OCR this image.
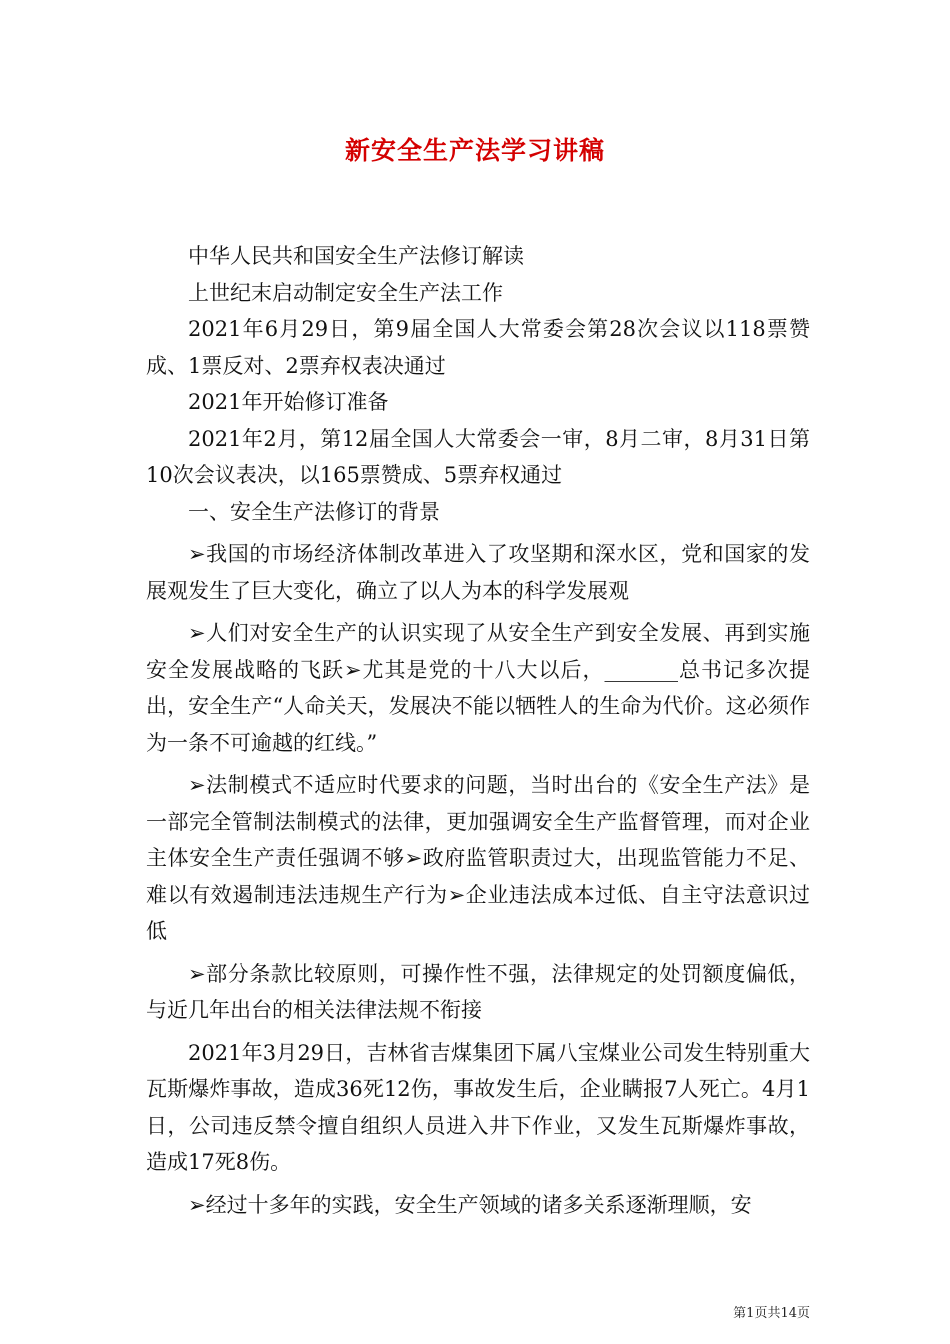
新安全生产法学习讲稿

中华人民共和国安全生产法修订解读

上世纪末启动制定安全生产法工作

2021年6月29日，第9届全国人大常委会第28次会议以118票赞成、1票反对、2票弃权表决通过

2021年开始修订准备

2021年2月，第12届全国人大常委会一审，8月二审，8月31日第10次会议表决，以165票赞成、5票弃权通过

一、安全生产法修订的背景

➢我国的市场经济体制改革进入了攻坚期和深水区，党和国家的发展观发生了巨大变化，确立了以人为本的科学发展观

➢人们对安全生产的认识实现了从安全生产到安全发展、再到实施安全发展战略的飞跃➢尤其是党的十八大以后，_______总书记多次提出，安全生产“人命关天，发展决不能以牺牲人的生命为代价。这必须作为一条不可逾越的红线。”

➢法制模式不适应时代要求的问题，当时出台的《安全生产法》是一部完全管制法制模式的法律，更加强调安全生产监督管理，而对企业主体安全生产责任强调不够➢政府监管职责过大，出现监管能力不足、难以有效遏制违法违规生产行为➢企业违法成本过低、自主守法意识过低

➢部分条款比较原则，可操作性不强，法律规定的处罚额度偏低，与近几年出台的相关法律法规不衔接

2021年3月29日，吉林省吉煤集团下属八宝煤业公司发生特别重大瓦斯爆炸事故，造成36死12伤，事故发生后，企业瞒报7人死亡。4月1日，公司违反禁令擅自组织人员进入井下作业，又发生瓦斯爆炸事故，造成17死8伤。

➢经过十多年的实践，安全生产领域的诸多关系逐渐理顺，安

第1页共14页
